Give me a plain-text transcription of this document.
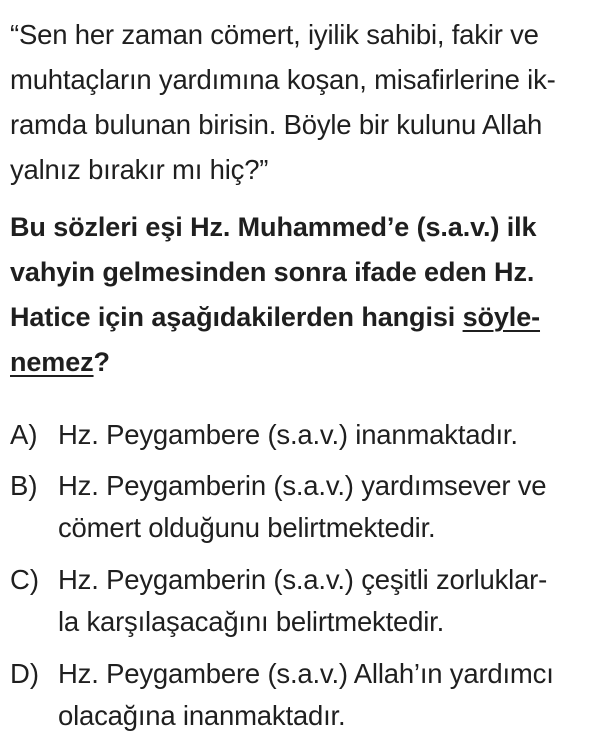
“Sen her zaman cömert, iyilik sahibi, fakir ve
muhtaçların yardımına koşan, misafirlerine ik-
ramda bulunan birisin. Böyle bir kulunu Allah
yalnız bırakır mı hiç?”
Bu sözleri eşi Hz. Muhammed’e (s.a.v.) ilk
vahyin gelmesinden sonra ifade eden Hz.
Hatice için aşağıdakilerden hangisi söyle-
nemez?
A) Hz. Peygambere (s.a.v.) inanmaktadır.
B) Hz. Peygamberin (s.a.v.) yardımsever ve
cömert olduğunu belirtmektedir.
C) Hz. Peygamberin (s.a.v.) çeşitli zorluklar-
la karşılaşacağını belirtmektedir.
D) Hz. Peygambere (s.a.v.) Allah’ın yardımcı
olacağına inanmaktadır.
